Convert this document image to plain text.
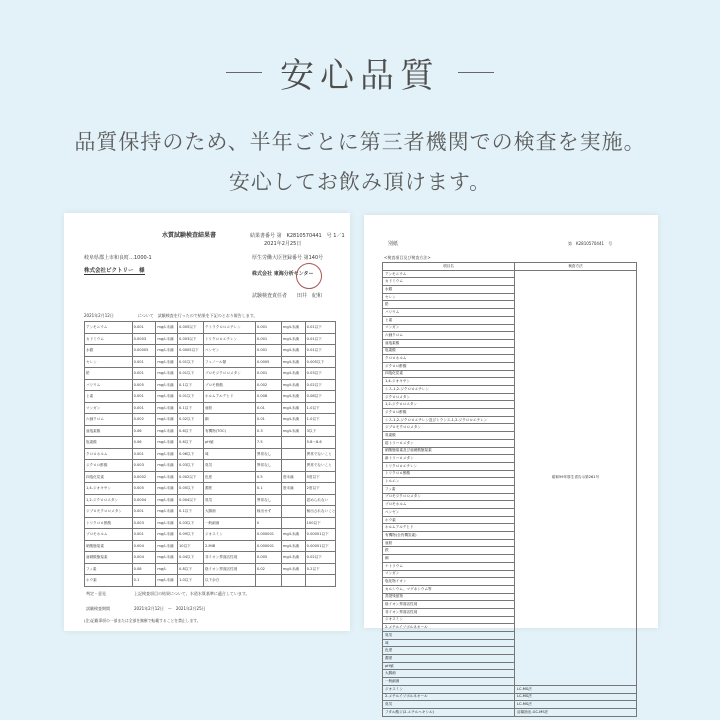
安心品質
品質保持のため、半年ごとに第三者機関での検査を実施。
安心してお飲み頂けます。
水質試験検査結果書	結果書番号 第　K2810570441　号 1／1
2021年2月25日
岐阜県郡上市和良町…1000-1
株式会社ピクトリー　様
厚生労働大臣登録番号 第140号
株式会社 東海分析センター
試験検査責任者　　田井　紀和
2021年2月12日　　　　　　について　試験検査を行ったので結果を下記のとおり報告します。
アンモニウム	0.001	mg/L未満	0.005以下	テトラクロロエチレン	0.001	mg/L未満	0.01以下
カドミウム	0.0003	mg/L未満	0.003以下	トリクロロエチレン	0.001	mg/L未満	0.01以下
水銀	0.00005	mg/L未満	0.0005以下	ベンゼン	0.001	mg/L未満	0.01以下
セレン	0.001	mg/L未満	0.01以下	フェノール類	0.0005	mg/L未満	0.005以下
鉛	0.001	mg/L未満	0.01以下	ブロモジクロロメタン	0.001	mg/L未満	0.03以下
バリウム	0.005	mg/L未満	0.1以下	ブロモ酢酸	0.002	mg/L未満	0.02以下
ヒ素	0.001	mg/L未満	0.01以下	ホルムアルデヒド	0.008	mg/L未満	0.08以下
マンガン	0.001	mg/L未満	0.1以下	亜鉛	0.01	mg/L未満	1.0以下
六価クロム	0.002	mg/L未満	0.02以下	銅	0.01	mg/L未満	1.0以下
亜塩素酸	0.06	mg/L未満	0.6以下	有機物(TOC)	0.3	mg/L未満	3以下
塩素酸	0.06	mg/L未満	0.6以下	pH値	7.5		5.8～8.6
クロロホルム	0.001	mg/L未満	0.06以下	味	異常なし		異常でないこと
ジクロロ酢酸	0.003	mg/L未満	0.03以下	臭気	異常なし		異常でないこと
四塩化炭素	0.0002	mg/L未満	0.002以下	色度	0.5	度未満	5度以下
1,4-ジオキサン	0.005	mg/L未満	0.05以下	濁度	0.1	度未満	2度以下
1,2-ジクロロエタン	0.0004	mg/L未満	0.004以下	臭気	異常なし		認められない
ジブロモクロロメタン	0.001	mg/L未満	0.1以下	大腸菌	検出せず		検出されないこと
トリクロロ酢酸	0.003	mg/L未満	0.03以下	一般細菌	0		100以下
ブロモホルム	0.001	mg/L未満	0.09以下	ジオスミン	0.000001	mg/L未満	0.00001以下
硝酸態窒素	0.004	mg/L未満	10以下	2-MIB	0.000001	mg/L未満	0.00001以下
亜硝酸態窒素	0.004	mg/L未満	0.04以下	非イオン界面活性剤	0.005	mg/L未満	0.02以下
フッ素	0.08	mg/L	0.8以下	陰イオン界面活性剤	0.02	mg/L未満	0.2以下
ホウ素	0.1	mg/L未満	1.0以下	以下余白			
判定・意見	上記検査項目の結果について、水道水質基準に適合しています。
試験検査期間	2021年2月12日　～　2021年2月25日
(注)記載事項の一部または全部を無断で転載することを禁止します。
別紙	第　K2810570441　号
<検査項目及び検査方法>
項目名	検査方法
アンモニウム	昭和59年厚生省告示第261号
カドミウム	
水銀	
セレン	
鉛	
バリウム	
ヒ素	
マンガン	
六価クロム	
亜塩素酸	
塩素酸	
クロロホルム	
ジクロロ酢酸	
四塩化炭素	
1,4-ジオキサン	
シス-1,2-ジクロロエチレン	
ジクロロメタン	
1,2-ジクロロエタン	
ジクロロ酢酸	
シス-1,2-ジクロロエチレン及びトランス-1,2-ジクロロエチレン	
ジブロモクロロメタン	
臭素酸	
総トリハロメタン	
硝酸態窒素及び亜硝酸態窒素	
新トリハロメタン	
トリクロロエチレン	
トリクロロ酢酸	
トルエン	
フッ素	
ブロモジクロロメタン	
ブロモホルム	
ベンゼン	
ホウ素	
ホルムアルデヒド	
有機物(全有機炭素)	
亜鉛	
鉄	
銅	
ナトリウム	
マンガン	
塩化物イオン	
カルシウム、マグネシウム等	
蒸発残留物	
陰イオン界面活性剤	
非イオン界面活性剤	
ジオスミン	
2-メチルイソボルネオール	
臭気	
味	
色度	
濁度	
pH値	
大腸菌	
一般細菌	
ジオスミン	LC-MS法
2-メチルイソボルネオール	LC-MS法
臭気	LC-MS法
フタル酸ジ(2-エチルヘキシル)	溶媒抽出-GC-MS法
